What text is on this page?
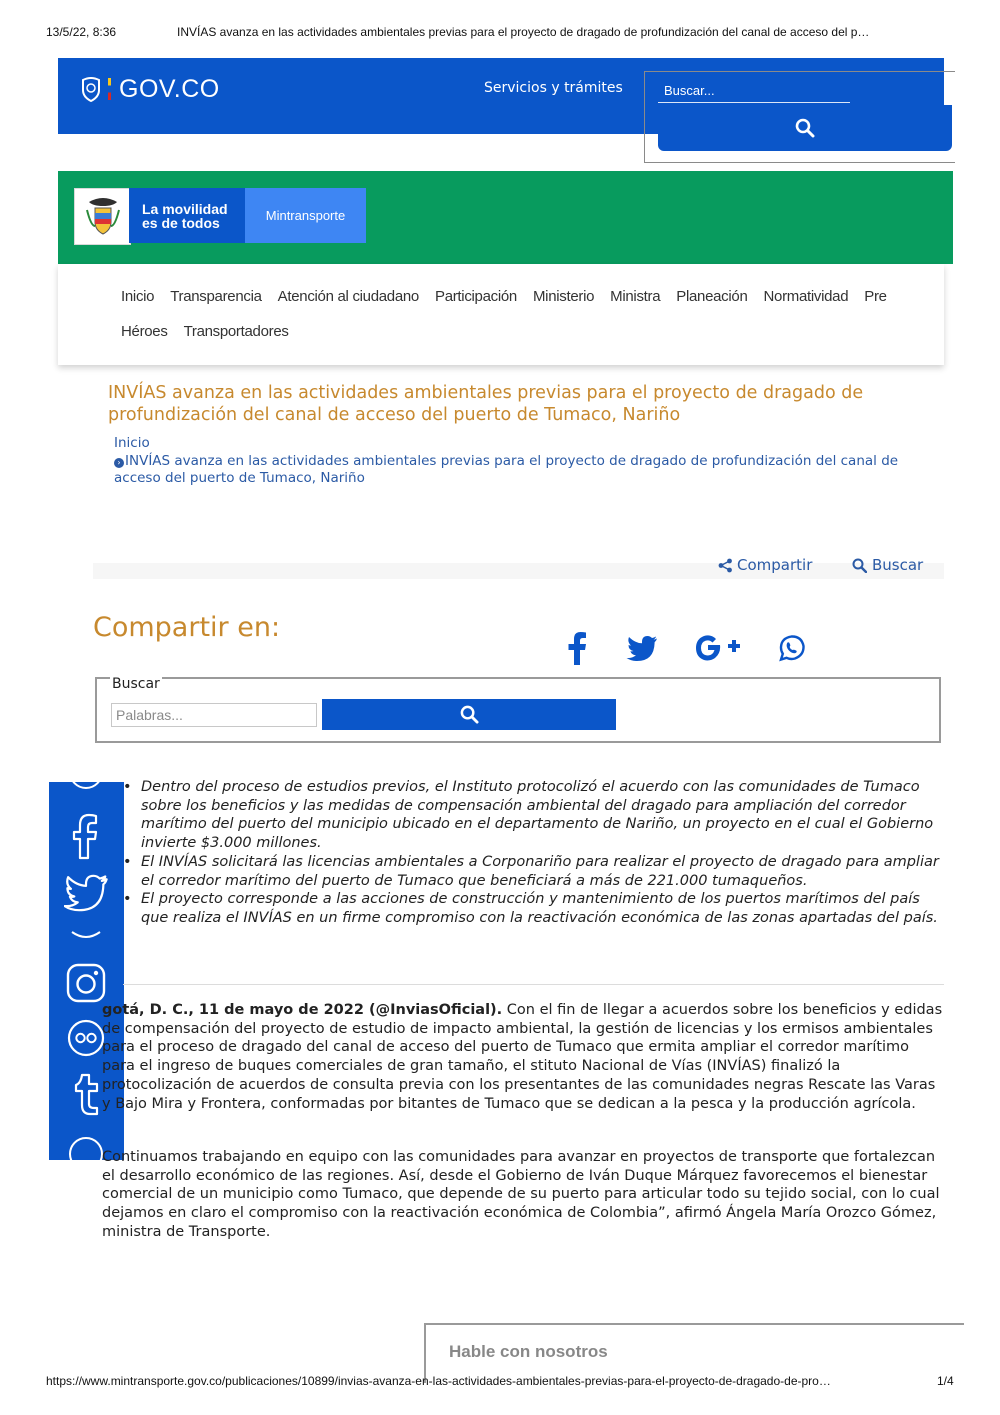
13/5/22, 8:36	INVÍAS avanza en las actividades ambientales previas para el proyecto de dragado de profundización del canal de acceso del p…
GOV.CO	Servicios y trámites
Buscar...
La movilidad
es de todos	Mintransporte
Inicio Transparencia Atención al ciudadano Participación Ministerio Ministra Planeación Normatividad Pre
Héroes Transportadores
INVÍAS avanza en las actividades ambientales previas para el proyecto de dragado de profundización del canal de acceso del puerto de Tumaco, Nariño
Inicio
› INVÍAS avanza en las actividades ambientales previas para el proyecto de dragado de profundización del canal de acceso del puerto de Tumaco, Nariño
Compartir	Buscar
Compartir en:
Buscar
Palabras...
• Dentro del proceso de estudios previos, el Instituto protocolizó el acuerdo con las comunidades de Tumaco sobre los beneficios y las medidas de compensación ambiental del dragado para ampliación del corredor marítimo del puerto del municipio ubicado en el departamento de Nariño, un proyecto en el cual el Gobierno invierte $3.000 millones.
• El INVÍAS solicitará las licencias ambientales a Corponariño para realizar el proyecto de dragado para ampliar el corredor marítimo del puerto de Tumaco que beneficiará a más de 221.000 tumaqueños.
• El proyecto corresponde a las acciones de construcción y mantenimiento de los puertos marítimos del país que realiza el INVÍAS en un firme compromiso con la reactivación económica de las zonas apartadas del país.

gotá, D. C., 11 de mayo de 2022 (@InviasOficial). Con el fin de llegar a acuerdos sobre los beneficios y edidas de compensación del proyecto de estudio de impacto ambiental, la gestión de licencias y los ermisos ambientales para el proceso de dragado del canal de acceso del puerto de Tumaco que ermita ampliar el corredor marítimo para el ingreso de buques comerciales de gran tamaño, el stituto Nacional de Vías (INVÍAS) finalizó la protocolización de acuerdos de consulta previa con los presentantes de las comunidades negras Rescate las Varas y Bajo Mira y Frontera, conformadas por bitantes de Tumaco que se dedican a la pesca y la producción agrícola.

Continuamos trabajando en equipo con las comunidades para avanzar en proyectos de transporte que fortalezcan el desarrollo económico de las regiones. Así, desde el Gobierno de Iván Duque Márquez favorecemos el bienestar comercial de un municipio como Tumaco, que depende de su puerto para articular todo su tejido social, con lo cual dejamos en claro el compromiso con la reactivación económica de Colombia”, afirmó Ángela María Orozco Gómez, ministra de Transporte.

Hable con nosotros
https://www.mintransporte.gov.co/publicaciones/10899/invias-avanza-en-las-actividades-ambientales-previas-para-el-proyecto-de-dragado-de-pro…	1/4
